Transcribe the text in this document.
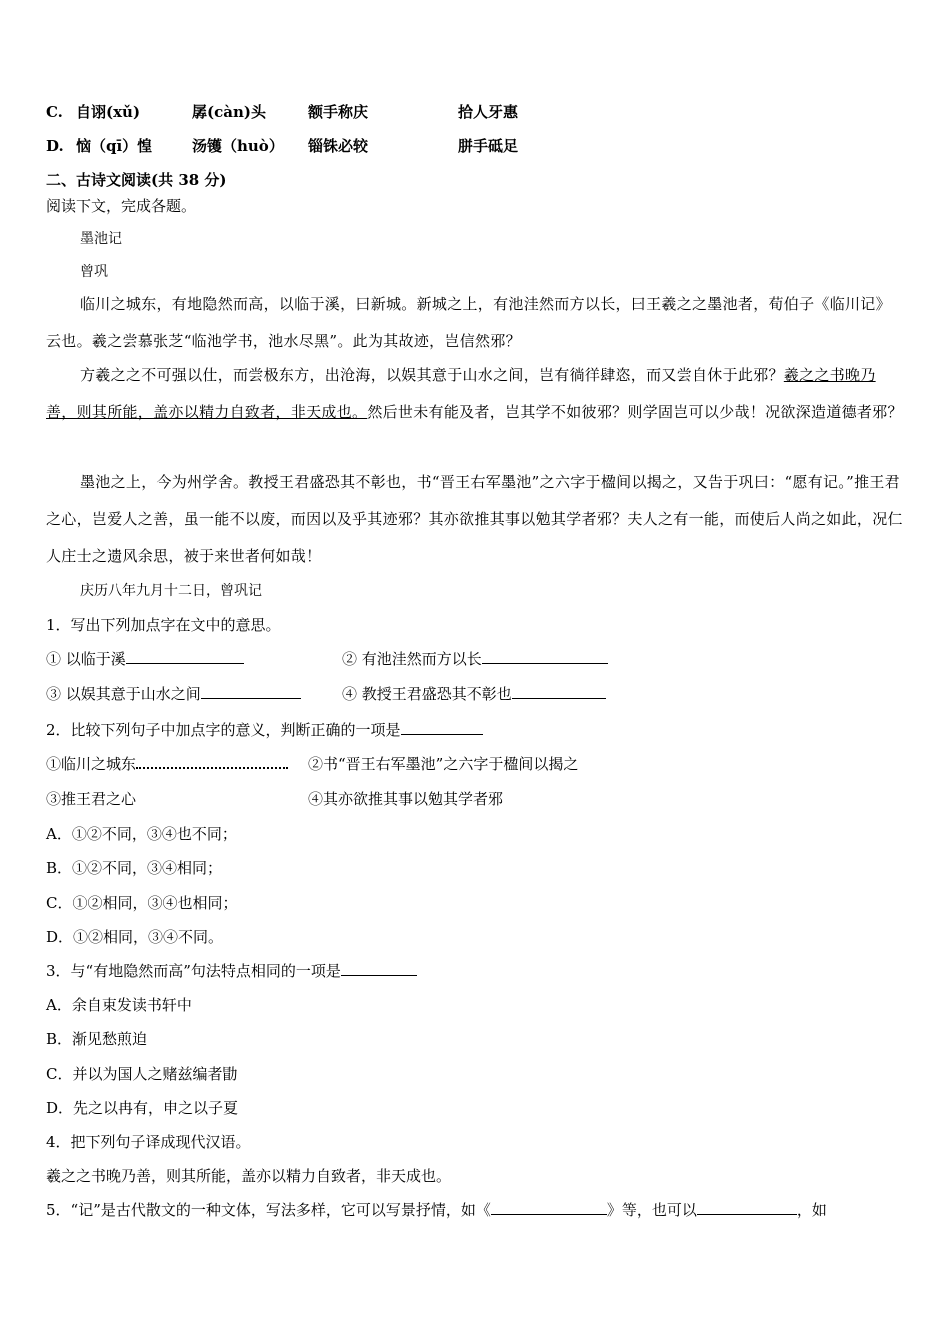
C. 自诩(xǔ)	孱(càn)头	额手称庆	拾人牙惠
D. 恼（qī）惶	汤镬（huò） 锱铢必较	胼手砥足
二、古诗文阅读(共 38 分)
阅读下文，完成各题。
墨池记
曾巩
临川之城东，有地隐然而高，以临于溪，曰新城。新城之上，有池洼然而方以长，曰王羲之之墨池者，荀伯子《临川记》云也。羲之尝慕张芝“临池学书，池水尽黑”。此为其故迹，岂信然邪？
方羲之之不可强以仕，而尝极东方，出沧海，以娱其意于山水之间，岂有徜徉肆恣，而又尝自休于此邪？羲之之书晚乃善，则其所能，盖亦以精力自致者，非天成也。然后世未有能及者，岂其学不如彼邪？则学固岂可以少哉！况欲深造道德者邪？
墨池之上，今为州学舍。教授王君盛恐其不彰也，书“晋王右军墨池”之六字于楹间以揭之，又告于巩曰：“愿有记。”推王君之心，岂爱人之善，虽一能不以废，而因以及乎其迹邪？其亦欲推其事以勉其学者邪？夫人之有一能，而使后人尚之如此，况仁人庄士之遗风余思，被于来世者何如哉！
庆历八年九月十二日，曾巩记
1．写出下列加点字在文中的意思。
① 以临于溪	② 有池洼然而方以长
③ 以娱其意于山水之间	④ 教授王君盛恐其不彰也
2．比较下列句子中加点字的意义，判断正确的一项是
①临川之城东	②书“晋王右军墨池”之六字于楹间以揭之
③推王君之心	④其亦欲推其事以勉其学者邪
A．①②不同，③④也不同；
B．①②不同，③④相同；
C．①②相同，③④也相同；
D．①②相同，③④不同。
3．与“有地隐然而高”句法特点相同的一项是
A．余自束发读书轩中
B．渐见愁煎迫
C．并以为国人之赌兹编者勖
D．先之以冉有，申之以子夏
4．把下列句子译成现代汉语。
羲之之书晚乃善，则其所能，盖亦以精力自致者，非天成也。
5．“记”是古代散文的一种文体，写法多样，它可以写景抒情，如《	》等，也可以	，如
